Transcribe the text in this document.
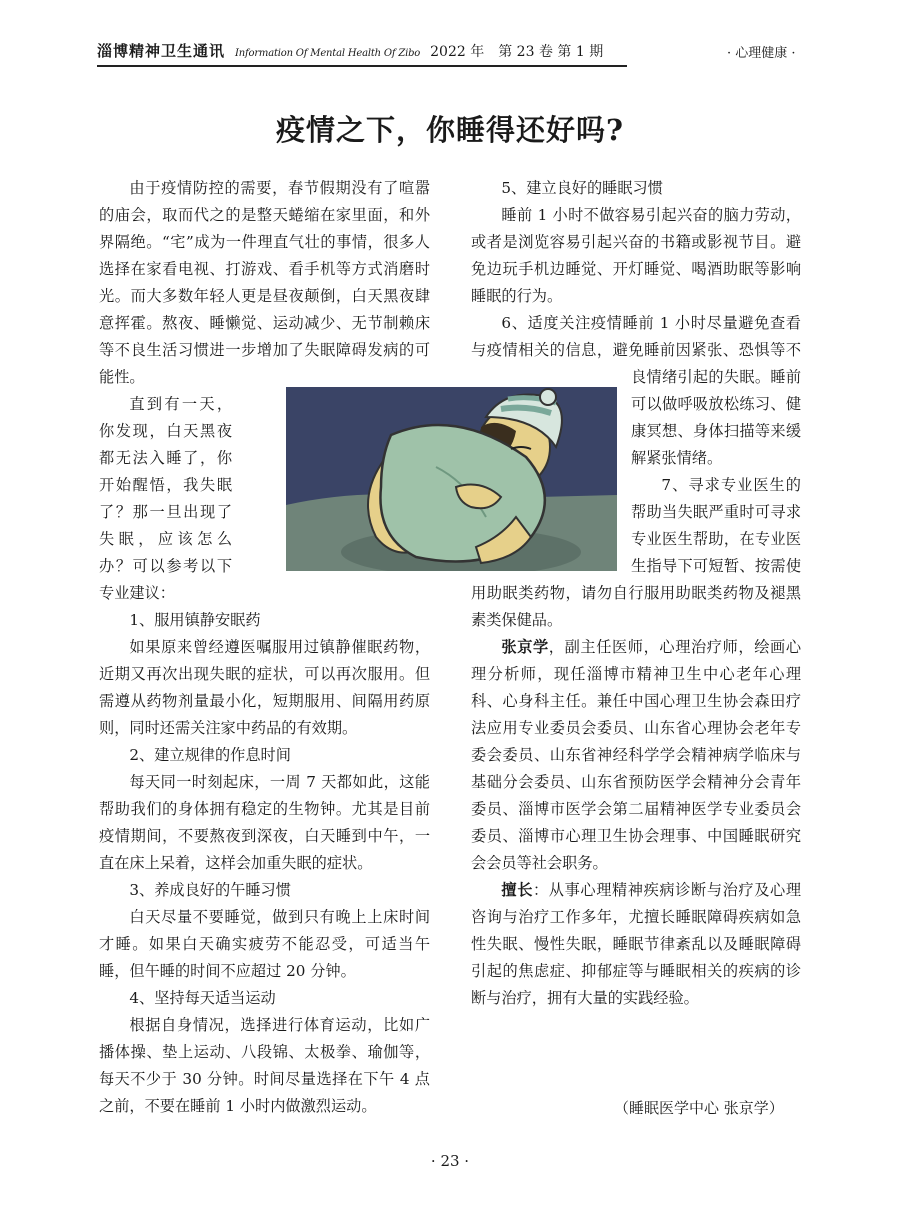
淄博精神卫生通讯 Information Of Mental Health Of Zibo 2022 年　第 23 卷 第 1 期	· 心理健康 ·
疫情之下，你睡得还好吗?

由于疫情防控的需要，春节假期没有了喧嚣的庙会，取而代之的是整天蜷缩在家里面，和外界隔绝。“宅”成为一件理直气壮的事情，很多人选择在家看电视、打游戏、看手机等方式消磨时光。而大多数年轻人更是昼夜颠倒，白天黑夜肆意挥霍。熬夜、睡懒觉、运动减少、无节制赖床等不良生活习惯进一步增加了失眠障碍发病的可能性。

直到有一天，你发现，白天黑夜都无法入睡了，你开始醒悟，我失眠了？那一旦出现了失眠，应该怎么办？可以参考以下专业建议：

1、服用镇静安眠药

如果原来曾经遵医嘱服用过镇静催眠药物，近期又再次出现失眠的症状，可以再次服用。但需遵从药物剂量最小化，短期服用、间隔用药原则，同时还需关注家中药品的有效期。

2、建立规律的作息时间

每天同一时刻起床，一周 7 天都如此，这能帮助我们的身体拥有稳定的生物钟。尤其是目前疫情期间，不要熬夜到深夜，白天睡到中午，一直在床上呆着，这样会加重失眠的症状。

3、养成良好的午睡习惯

白天尽量不要睡觉，做到只有晚上上床时间才睡。如果白天确实疲劳不能忍受，可适当午睡，但午睡的时间不应超过 20 分钟。

4、坚持每天适当运动

根据自身情况，选择进行体育运动，比如广播体操、垫上运动、八段锦、太极拳、瑜伽等，每天不少于 30 分钟。时间尽量选择在下午 4 点之前，不要在睡前 1 小时内做激烈运动。

5、建立良好的睡眠习惯

睡前 1 小时不做容易引起兴奋的脑力劳动，或者是浏览容易引起兴奋的书籍或影视节目。避免边玩手机边睡觉、开灯睡觉、喝酒助眠等影响睡眠的行为。

6、适度关注疫情睡前 1 小时尽量避免查看与疫情相关的信息，避免睡前因紧张、恐惧等不良情绪引起的失眠。睡前可以做呼吸放松练习、健康冥想、身体扫描等来缓解紧张情绪。

7、寻求专业医生的帮助当失眠严重时可寻求专业医生帮助，在专业医生指导下可短暂、按需使用助眠类药物，请勿自行服用助眠类药物及褪黑素类保健品。

张京学，副主任医师，心理治疗师，绘画心理分析师，现任淄博市精神卫生中心老年心理科、心身科主任。兼任中国心理卫生协会森田疗法应用专业委员会委员、山东省心理协会老年专委会委员、山东省神经科学学会精神病学临床与基础分会委员、山东省预防医学会精神分会青年委员、淄博市医学会第二届精神医学专业委员会委员、淄博市心理卫生协会理事、中国睡眠研究会会员等社会职务。

擅长：从事心理精神疾病诊断与治疗及心理咨询与治疗工作多年，尤擅长睡眠障碍疾病如急性失眠、慢性失眠，睡眠节律紊乱以及睡眠障碍引起的焦虑症、抑郁症等与睡眠相关的疾病的诊断与治疗，拥有大量的实践经验。

（睡眠医学中心 张京学）
· 23 ·
